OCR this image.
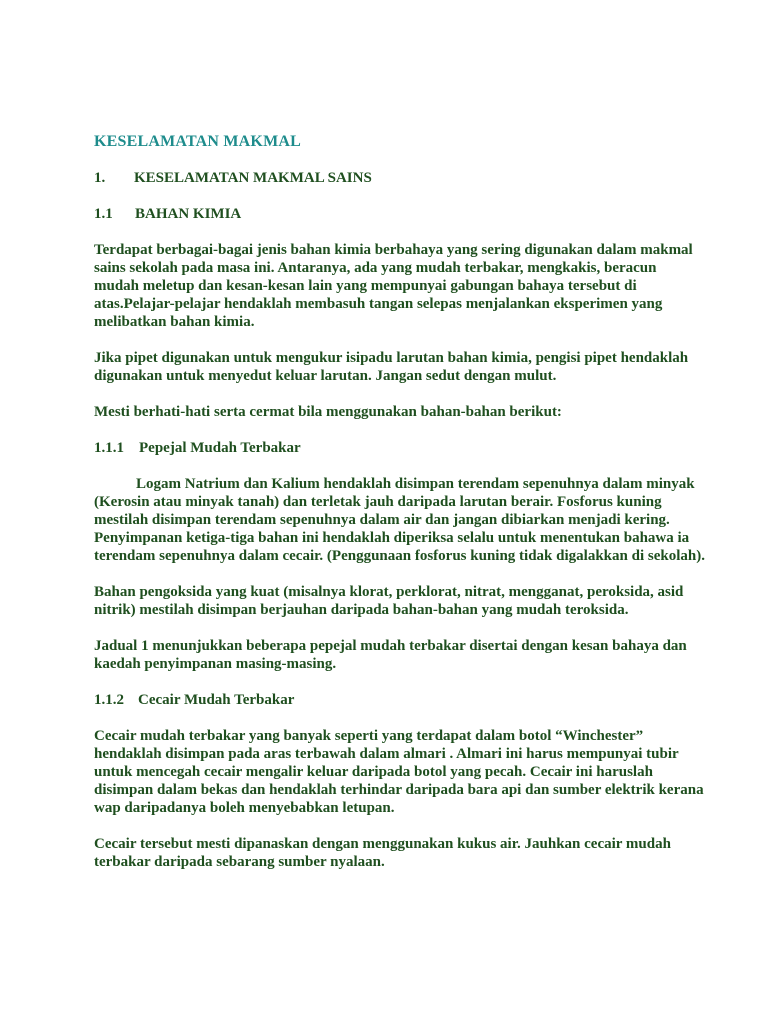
KESELAMATAN MAKMAL
1. KESELAMATAN MAKMAL SAINS
1.1 BAHAN KIMIA
Terdapat berbagai-bagai jenis bahan kimia berbahaya yang sering digunakan dalam makmal
sains sekolah pada masa ini. Antaranya, ada yang mudah terbakar, mengkakis, beracun
mudah meletup dan kesan-kesan lain yang mempunyai gabungan bahaya tersebut di
atas.Pelajar-pelajar hendaklah membasuh tangan selepas menjalankan eksperimen yang
melibatkan bahan kimia.
Jika pipet digunakan untuk mengukur isipadu larutan bahan kimia, pengisi pipet hendaklah
digunakan untuk menyedut keluar larutan. Jangan sedut dengan mulut.
Mesti berhati-hati serta cermat bila menggunakan bahan-bahan berikut:
1.1.1 Pepejal Mudah Terbakar
Logam Natrium dan Kalium hendaklah disimpan terendam sepenuhnya dalam minyak
(Kerosin atau minyak tanah) dan terletak jauh daripada larutan berair. Fosforus kuning
mestilah disimpan terendam sepenuhnya dalam air dan jangan dibiarkan menjadi kering.
Penyimpanan ketiga-tiga bahan ini hendaklah diperiksa selalu untuk menentukan bahawa ia
terendam sepenuhnya dalam cecair. (Penggunaan fosforus kuning tidak digalakkan di sekolah).
Bahan pengoksida yang kuat (misalnya klorat, perklorat, nitrat, mengganat, peroksida, asid
nitrik) mestilah disimpan berjauhan daripada bahan-bahan yang mudah teroksida.
Jadual 1 menunjukkan beberapa pepejal mudah terbakar disertai dengan kesan bahaya dan
kaedah penyimpanan masing-masing.
1.1.2 Cecair Mudah Terbakar
Cecair mudah terbakar yang banyak seperti yang terdapat dalam botol “Winchester”
hendaklah disimpan pada aras terbawah dalam almari . Almari ini harus mempunyai tubir
untuk mencegah cecair mengalir keluar daripada botol yang pecah. Cecair ini haruslah
disimpan dalam bekas dan hendaklah terhindar daripada bara api dan sumber elektrik kerana
wap daripadanya boleh menyebabkan letupan.
Cecair tersebut mesti dipanaskan dengan menggunakan kukus air. Jauhkan cecair mudah
terbakar daripada sebarang sumber nyalaan.
